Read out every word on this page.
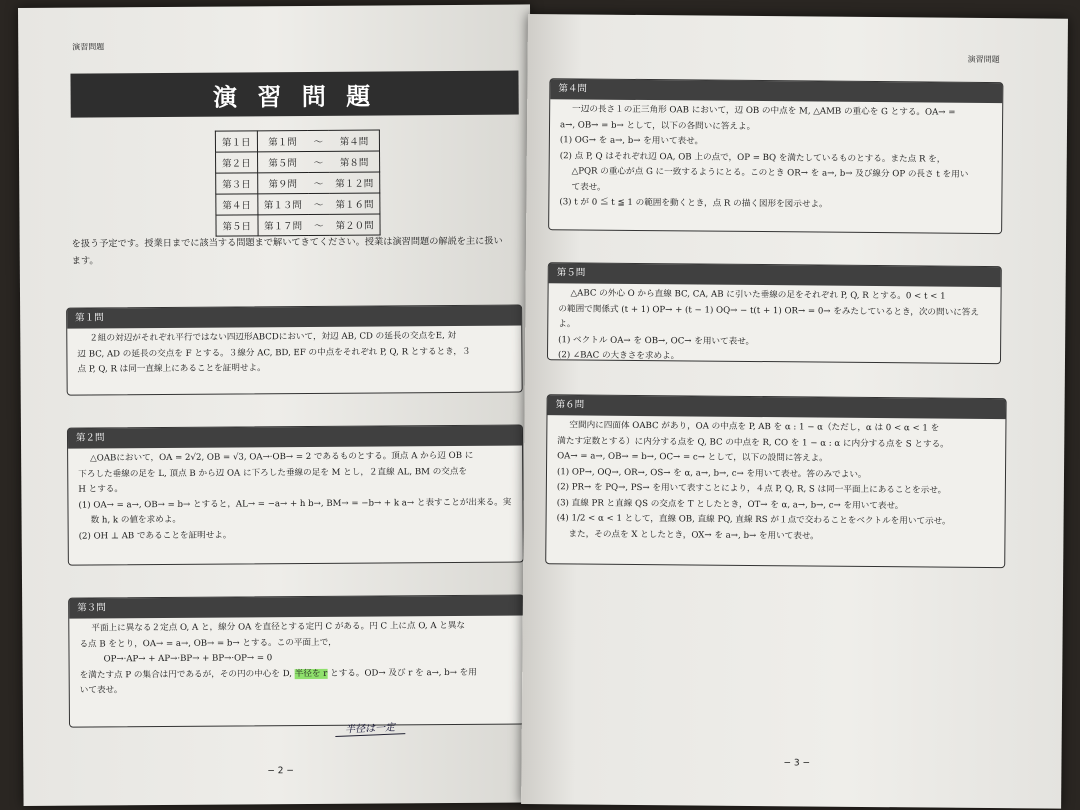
演習問題
演 習 問 題
第１日	第１問	〜	第４問
第２日	第５問	〜	第８問
第３日	第９問	〜	第１２問
第４日	第１３問	〜	第１６問
第５日	第１７問	〜	第２０問
を扱う予定です。授業日までに該当する問題まで解いてきてください。授業は演習問題の解説を主に扱い
ます。
第１問

２組の対辺がそれぞれ平行ではない四辺形ABCDにおいて，対辺 AB, CD の延長の交点をE, 対

辺 BC, AD の延長の交点を F とする。３線分 AC, BD, EF の中点をそれぞれ P, Q, R とするとき，３

点 P, Q, R は同一直線上にあることを証明せよ。

第２問

△OABにおいて，OA = 2√2, OB = √3, OA→·OB→ = 2 であるものとする。頂点 A から辺 OB に

下ろした垂線の足を L, 頂点 B から辺 OA に下ろした垂線の足を M とし，２直線 AL, BM の交点を

H とする。

(1) OA→ = a→, OB→ = b→ とすると，AL→ = −a→ + h b→, BM→ = −b→ + k a→ と表すことが出来る。実

数 h, k の値を求めよ。

(2) OH ⊥ AB であることを証明せよ。

第３問

平面上に異なる２定点 O, A と，線分 OA を直径とする定円 C がある。円 C 上に点 O, A と異な

る点 B をとり，OA→ = a→, OB→ = b→ とする。この平面上で，

OP→·AP→ + AP→·BP→ + BP→·OP→ = 0

を満たす点 P の集合は円であるが，その円の中心を D, 半径を r とする。OD→ 及び r を a→, b→ を用

いて表せ。

半径は一定
− 2 −
演習問題
第４問

一辺の長さ１の正三角形 OAB において，辺 OB の中点を M, △AMB の重心を G とする。OA→ =

a→, OB→ = b→ として，以下の各問いに答えよ。

(1) OG→ を a→, b→ を用いて表せ。

(2) 点 P, Q はそれぞれ辺 OA, OB 上の点で，OP = BQ を満たしているものとする。また点 R を，

△PQR の重心が点 G に一致するようにとる。このとき OR→ を a→, b→ 及び線分 OP の長さ t を用い

て表せ。

(3) t が 0 ≦ t ≦ 1 の範囲を動くとき，点 R の描く図形を図示せよ。

第５問

△ABC の外心 O から直線 BC, CA, AB に引いた垂線の足をそれぞれ P, Q, R とする。0 < t < 1

の範囲で関係式 (t + 1) OP→ + (t − 1) OQ→ − t(t + 1) OR→ = 0→ をみたしているとき，次の問いに答えよ。

(1) ベクトル OA→ を OB→, OC→ を用いて表せ。

(2) ∠BAC の大きさを求めよ。

第６問

空間内に四面体 OABC があり，OA の中点を P, AB を α : 1 − α（ただし，α は 0 < α < 1 を

満たす定数とする）に内分する点を Q, BC の中点を R, CO を 1 − α : α に内分する点を S とする。

OA→ = a→, OB→ = b→, OC→ = c→ として，以下の設問に答えよ。

(1) OP→, OQ→, OR→, OS→ を α, a→, b→, c→ を用いて表せ。答のみでよい。

(2) PR→ を PQ→, PS→ を用いて表すことにより，４点 P, Q, R, S は同一平面上にあることを示せ。

(3) 直線 PR と直線 QS の交点を T としたとき，OT→ を α, a→, b→, c→ を用いて表せ。

(4) 1/2 < α < 1 として，直線 OB, 直線 PQ, 直線 RS が１点で交わることをベクトルを用いて示せ。

また，その点を X としたとき，OX→ を a→, b→ を用いて表せ。

− 3 −
